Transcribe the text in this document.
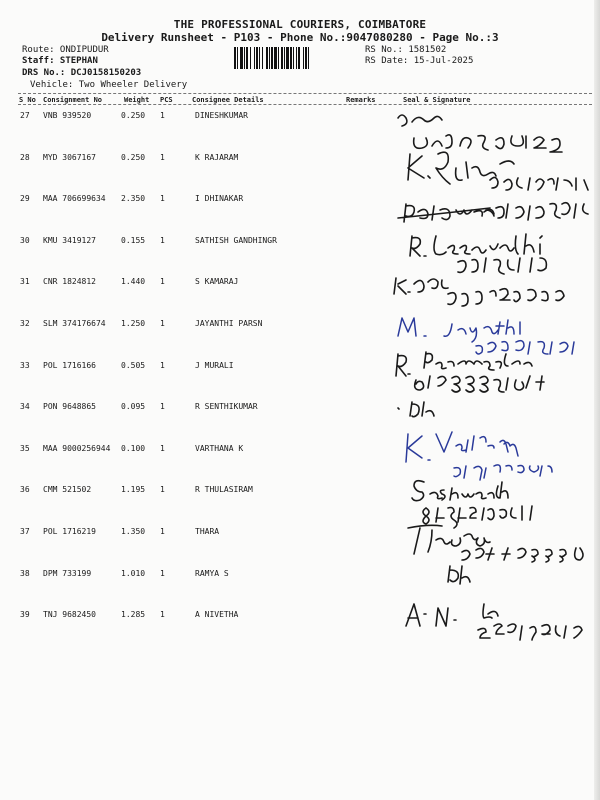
THE PROFESSIONAL COURIERS, COIMBATORE
Delivery Runsheet - P103 - Phone No.:9047080280 - Page No.:3
Route: ONDIPUDUR
Staff: STEPHAN
DRS No.: DCJ0158150203
Vehicle: Two Wheeler Delivery
RS No.: 1581502
RS Date: 15-Jul-2025
S No Consignment No	Weight PCS	Consignee Details	Remarks	Seal & Signature
27 VNB 939520	0.250 1	DINESHKUMAR
28 MYD 3067167	0.250 1	K RAJARAM
29 MAA 706699634 2.350 1	I DHINAKAR
30 KMU 3419127	0.155 1	SATHISH GANDHINGR
31 CNR 1824812	1.440 1	S KAMARAJ
32 SLM 374176674 1.250 1	JAYANTHI PARSN
33 POL 1716166	0.505 1	J MURALI
34 PON 9648865	0.095 1	R SENTHIKUMAR
35 MAA 9000256944 0.100 1	VARTHANA K
36 CMM 521502	1.195 1	R THULASIRAM
37 POL 1716219	1.350 1	THARA
38 DPM 733199	1.010 1	RAMYA S
39 TNJ 9682450	1.285 1	A NIVETHA
